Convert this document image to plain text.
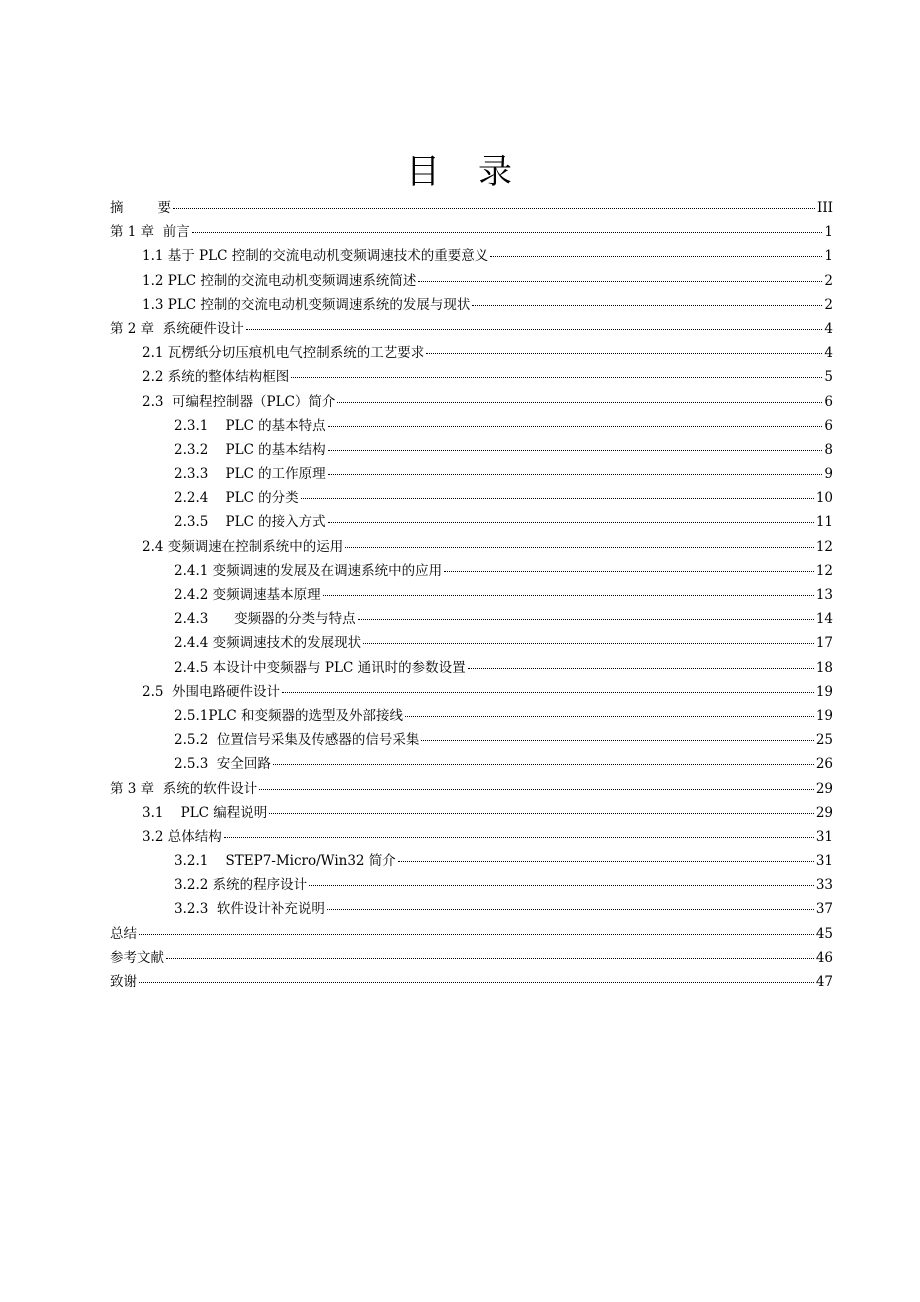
目 录
摘	要	III
第 1 章  前言	1
1.1 基于 PLC 控制的交流电动机变频调速技术的重要意义	1
1.2 PLC 控制的交流电动机变频调速系统简述	2
1.3 PLC 控制的交流电动机变频调速系统的发展与现状	2
第 2 章  系统硬件设计	4
2.1 瓦楞纸分切压痕机电气控制系统的工艺要求	4
2.2 系统的整体结构框图	5
2.3  可编程控制器（PLC）简介	6
2.3.1    PLC 的基本特点	6
2.3.2    PLC 的基本结构	8
2.3.3    PLC 的工作原理	9
2.2.4    PLC 的分类	10
2.3.5    PLC 的接入方式	11
2.4 变频调速在控制系统中的运用	12
2.4.1 变频调速的发展及在调速系统中的应用	12
2.4.2 变频调速基本原理	13
2.4.3      变频器的分类与特点	14
2.4.4 变频调速技术的发展现状	17
2.4.5 本设计中变频器与 PLC 通讯时的参数设置	18
2.5  外围电路硬件设计	19
2.5.1PLC 和变频器的选型及外部接线	19
2.5.2  位置信号采集及传感器的信号采集	25
2.5.3  安全回路	26
第 3 章  系统的软件设计	29
3.1    PLC 编程说明	29
3.2 总体结构	31
3.2.1    STEP7-Micro/Win32 简介	31
3.2.2 系统的程序设计	33
3.2.3  软件设计补充说明	37
总结	45
参考文献	46
致谢	47
